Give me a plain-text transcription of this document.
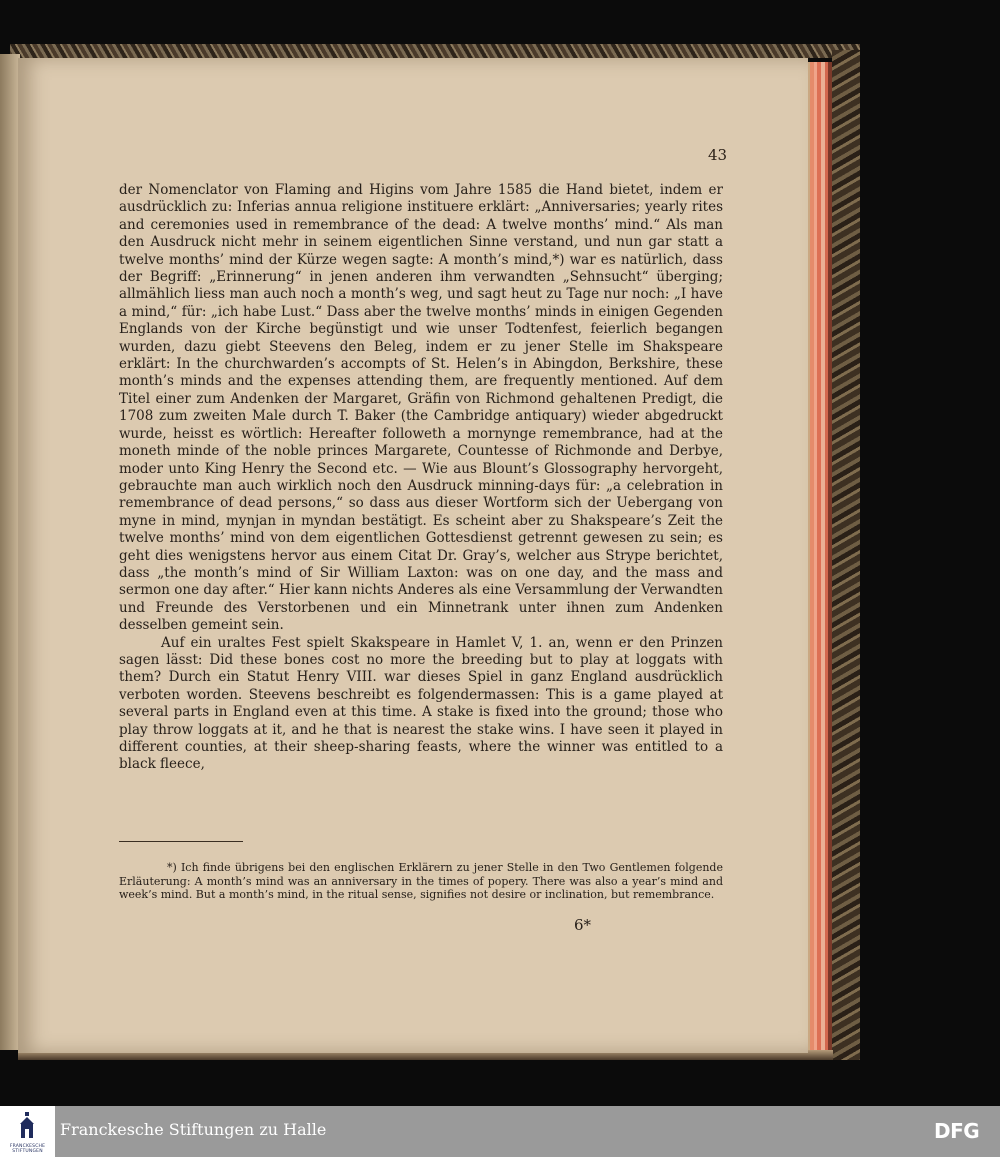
43

der Nomenclator von Flaming and Higins vom Jahre 1585 die Hand bietet, indem er ausdrücklich zu: Inferias annua religione instituere erklärt: „Anniversaries; yearly rites and ceremonies used in remembrance of the dead: A twelve months’ mind.“ Als man den Ausdruck nicht mehr in seinem eigentlichen Sinne verstand, und nun gar statt a twelve months’ mind der Kürze wegen sagte: A month’s mind,*) war es natürlich, dass der Begriff: „Erinnerung“ in jenen anderen ihm verwandten „Sehnsucht“ überging; allmählich liess man auch noch a month’s weg, und sagt heut zu Tage nur noch: „I have a mind,“ für: „ich habe Lust.“ Dass aber the twelve months’ minds in einigen Gegenden Englands von der Kirche begünstigt und wie unser Todtenfest, feierlich begangen wurden, dazu giebt Steevens den Beleg, indem er zu jener Stelle im Shakspeare erklärt: In the churchwarden’s accompts of St. Helen’s in Abingdon, Berkshire, these month’s minds and the expenses attending them, are frequently mentioned. Auf dem Titel einer zum Andenken der Margaret, Gräfin von Richmond gehaltenen Predigt, die 1708 zum zweiten Male durch T. Baker (the Cambridge antiquary) wieder abgedruckt wurde, heisst es wörtlich: Hereafter followeth a mornynge remembrance, had at the moneth minde of the noble princes Margarete, Countesse of Richmonde and Derbye, moder unto King Henry the Second etc. — Wie aus Blount’s Glossography hervorgeht, gebrauchte man auch wirklich noch den Ausdruck minning-days für: „a celebration in remembrance of dead persons,“ so dass aus dieser Wortform sich der Uebergang von myne in mind, mynjan in myndan bestätigt. Es scheint aber zu Shakspeare’s Zeit the twelve months’ mind von dem eigentlichen Gottesdienst getrennt gewesen zu sein; es geht dies wenigstens hervor aus einem Citat Dr. Gray’s, welcher aus Strype berichtet, dass „the month’s mind of Sir William Laxton: was on one day, and the mass and sermon one day after.“ Hier kann nichts Anderes als eine Versammlung der Verwandten und Freunde des Verstorbenen und ein Minnetrank unter ihnen zum Andenken desselben gemeint sein.

Auf ein uraltes Fest spielt Skakspeare in Hamlet V, 1. an, wenn er den Prinzen sagen lässt: Did these bones cost no more the breeding but to play at loggats with them? Durch ein Statut Henry VIII. war dieses Spiel in ganz England ausdrücklich verboten worden. Steevens beschreibt es folgendermassen: This is a game played at several parts in England even at this time. A stake is fixed into the ground; those who play throw loggats at it, and he that is nearest the stake wins. I have seen it played in different counties, at their sheep-sharing feasts, where the winner was entitled to a black fleece,

*) Ich finde übrigens bei den englischen Erklärern zu jener Stelle in den Two Gentlemen folgende Erläuterung: A month’s mind was an anniversary in the times of popery. There was also a year’s mind and week’s mind. But a month’s mind, in the ritual sense, signifies not desire or inclination, but remembrance.

6*
FRANCKESCHE STIFTUNGEN
Franckesche Stiftungen zu Halle	DFG
